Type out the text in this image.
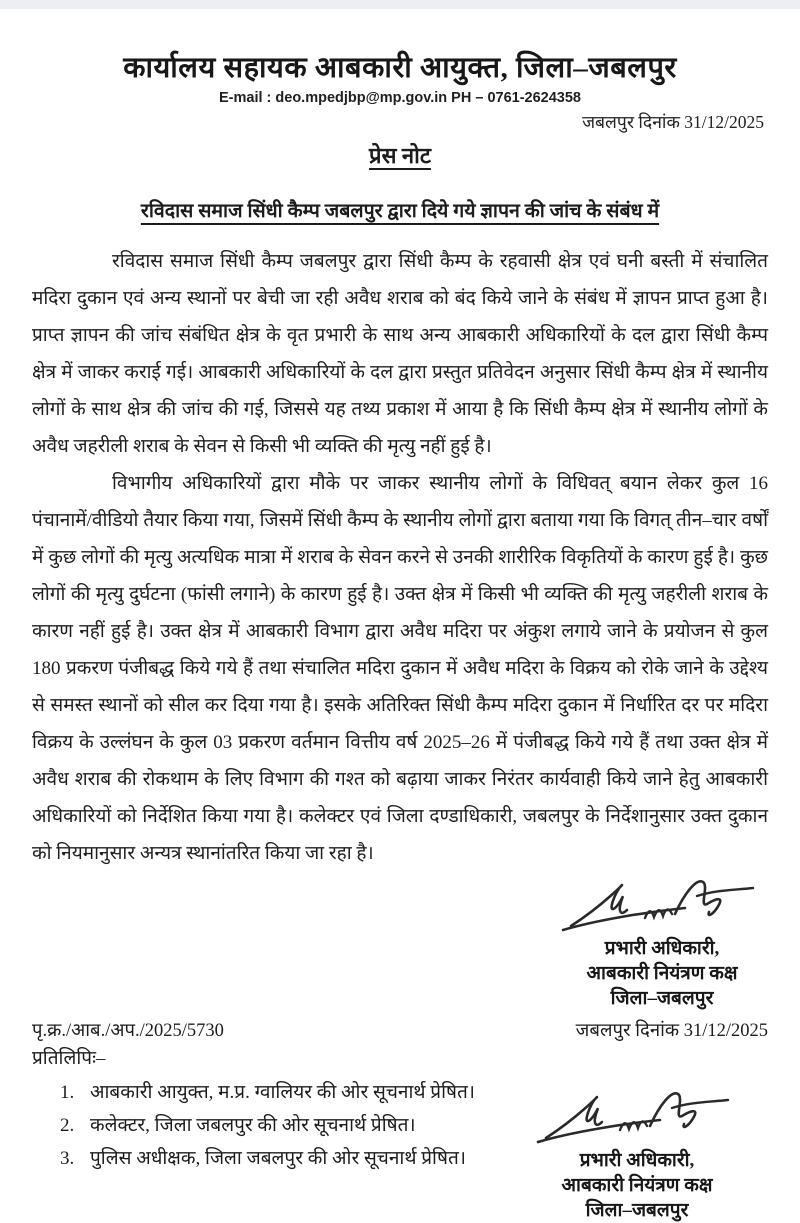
कार्यालय सहायक आबकारी आयुक्त, जिला–जबलपुर
E-mail : deo.mpedjbp@mp.gov.in PH – 0761-2624358
जबलपुर दिनांक 31/12/2025
प्रेस नोट
रविदास समाज सिंधी कैम्प जबलपुर द्वारा दिये गये ज्ञापन की जांच के संबंध में

रविदास समाज सिंधी कैम्प जबलपुर द्वारा सिंधी कैम्प के रहवासी क्षेत्र एवं घनी बस्ती में संचालित मदिरा दुकान एवं अन्य स्थानों पर बेची जा रही अवैध शराब को बंद किये जाने के संबंध में ज्ञापन प्राप्त हुआ है। प्राप्त ज्ञापन की जांच संबंधित क्षेत्र के वृत प्रभारी के साथ अन्य आबकारी अधिकारियों के दल द्वारा सिंधी कैम्प क्षेत्र में जाकर कराई गई। आबकारी अधिकारियों के दल द्वारा प्रस्तुत प्रतिवेदन अनुसार सिंधी कैम्प क्षेत्र में स्थानीय लोगों के साथ क्षेत्र की जांच की गई, जिससे यह तथ्य प्रकाश में आया है कि सिंधी कैम्प क्षेत्र में स्थानीय लोगों के अवैध जहरीली शराब के सेवन से किसी भी व्यक्ति की मृत्यु नहीं हुई है।

विभागीय अधिकारियों द्वारा मौके पर जाकर स्थानीय लोगों के विधिवत् बयान लेकर कुल 16 पंचानामें/वीडियो तैयार किया गया, जिसमें सिंधी कैम्प के स्थानीय लोगों द्वारा बताया गया कि विगत् तीन–चार वर्षों में कुछ लोगों की मृत्यु अत्यधिक मात्रा में शराब के सेवन करने से उनकी शारीरिक विकृतियों के कारण हुई है। कुछ लोगों की मृत्यु दुर्घटना (फांसी लगाने) के कारण हुई है। उक्त क्षेत्र में किसी भी व्यक्ति की मृत्यु जहरीली शराब के कारण नहीं हुई है। उक्त क्षेत्र में आबकारी विभाग द्वारा अवैध मदिरा पर अंकुश लगाये जाने के प्रयोजन से कुल 180 प्रकरण पंजीबद्ध किये गये हैं तथा संचालित मदिरा दुकान में अवैध मदिरा के विक्रय को रोके जाने के उद्देश्य से समस्त स्थानों को सील कर दिया गया है। इसके अतिरिक्त सिंधी कैम्प मदिरा दुकान में निर्धारित दर पर मदिरा विक्रय के उल्लंघन के कुल 03 प्रकरण वर्तमान वित्तीय वर्ष 2025–26 में पंजीबद्ध किये गये हैं तथा उक्त क्षेत्र में अवैध शराब की रोकथाम के लिए विभाग की गश्त को बढ़ाया जाकर निरंतर कार्यवाही किये जाने हेतु आबकारी अधिकारियों को निर्देशित किया गया है। कलेक्टर एवं जिला दण्डाधिकारी, जबलपुर के निर्देशानुसार उक्त दुकान को नियमानुसार अन्यत्र स्थानांतरित किया जा रहा है।

प्रभारी अधिकारी,
आबकारी नियंत्रण कक्ष
जिला–जबलपुर
पृ.क्र./आब./अप./2025/5730	जबलपुर दिनांक 31/12/2025
प्रतिलिपिः–
1. आबकारी आयुक्त, म.प्र. ग्वालियर की ओर सूचनार्थ प्रेषित।
2. कलेक्टर, जिला जबलपुर की ओर सूचनार्थ प्रेषित।
3. पुलिस अधीक्षक, जिला जबलपुर की ओर सूचनार्थ प्रेषित।	प्रभारी अधिकारी,
आबकारी नियंत्रण कक्ष
जिला–जबलपुर
